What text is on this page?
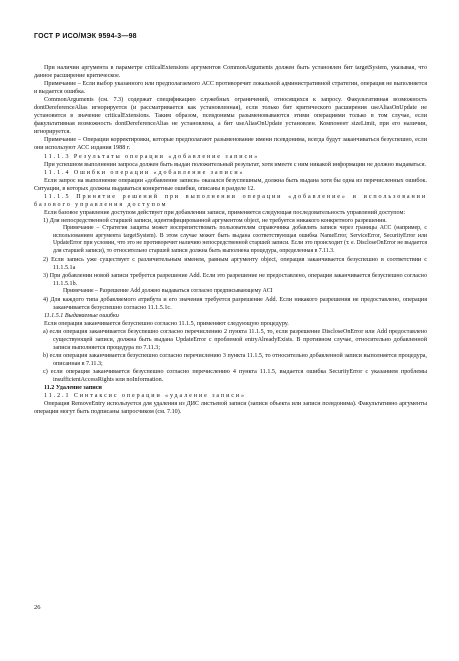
ГОСТ Р ИСО/МЭК 9594-3—98

При наличии аргумента в параметре criticalExtensions аргументов CommonArguments должен быть установлен бит targetSystem, указывая, что данное расширение критическое.

Примечание – Если выбор указанного или предполагаемого АСС противоречит локальной административной стратегии, операция не выполняется и выдается ошибка.

CommonArguments (см. 7.3) содержат спецификацию служебных ограничений, относящихся к запросу. Факультативная возможность dontDereferenceAlias игнорируется (и рассматривается как установленная), если только бит критического расширения useAliasOnUpdate не установится в значение criticalExtensions. Таким образом, псевдонимы разыменовываются этими операциями только в том случае, если факультативная возможность dontDereferenceAlias не установлена, а бит useAliasOnUpdate установлен. Компонент sizeLimit, при его наличии, игнорируется.

Примечание – Операции корректировки, которые предполагают разыменование имени псевдонима, всегда будут заканчиваться безуспешно, если они используют АСС издания 1988 г.

11.1.3 Результаты операции «добавление записи»

При успешном выполнении запроса должен быть выдан положительный результат, хотя имеете с ним никакой информации не должно выдаваться.

11.1.4 Ошибки операции «добавление записи»

Если запрос на выполнение операции «добавление записи» оказался безуспешным, должна быть выдана хотя бы одна из перечисленных ошибок. Ситуации, в которых должны выдаваться конкретные ошибки, описаны в разделе 12.

11.1.5 Принятие решений при выполнении операции «добавление» и использовании базового управления доступом

Если базовое управление доступом действует при добавлении записи, применяется следующая последовательность управлений доступом:

1) Для непосредственной старшей записи, идентифицированной аргументом object, не требуется никакого конкретного разрешения.

Примечание – Стратегия защиты может воспрепятствовать пользователям справочника добавлять записи через границы АСС (например, с использованием аргумента targetSystem). В этом случае может быть выдана соответствующая ошибка NameError, ServiceError, SecurityError или UpdateError при условии, что это не противоречит наличию непосредственной старшей записи. Если это происходит (т. е. DiscloseOnError не выдается для старшей записи), то относительно старшей записи должна быть выполнена процедура, определенная в 7.11.3.

2) Если запись уже существует с различительным именем, равным аргументу object, операция заканчивается безуспешно в соответствии с 11.1.5.1a

3) При добавлении новой записи требуется разрешение Add. Если это разрешение не предоставлено, операция заканчивается безуспешно согласно 11.1.5.1b.

Примечание – Разрешение Add должно выдаваться согласно предписывающему ACI

4) Для каждого типа добавляемого атрибута и его значения требуется разрешение Add. Если никакого разрешения не предоставлено, операция заканчивается безуспешно согласно 11.1.5.1c.

11.1.5.1 Выдаваемые ошибки

Если операция заканчивается безуспешно согласно 11.1.5, применяют следующую процедуру.

a) если операция заканчивается безуспешно согласно перечислению 2 пункта 11.1.5, то, если разрешение DiscloseOnError или Add предоставлено существующей записи, должна быть выдана UpdateError с проблемой entryAlreadyExists. В противном случае, относительно добавленной записи выполняется процедура по 7.11.3;

b) если операция заканчивается безуспешно согласно перечислению 3 пункта 11.1.5, то относительно добавленной записи выполняется процедура, описанная в 7.11.3;

c) если операция заканчивается безуспешно согласно перечислению 4 пункта 11.1.5, выдается ошибка SecurityError с указанием проблемы insufficientAccessRights или noInformation.

11.2 Удаление записи

11.2.1 Синтаксис операции «удаление записи»

Операция RemoveEntry используется для удаления из ДИС листьевой записи (записи объекта или записи псевдонима). Факультативно аргументы операции могут быть подписаны запросчиком (см. 7.10).

26
